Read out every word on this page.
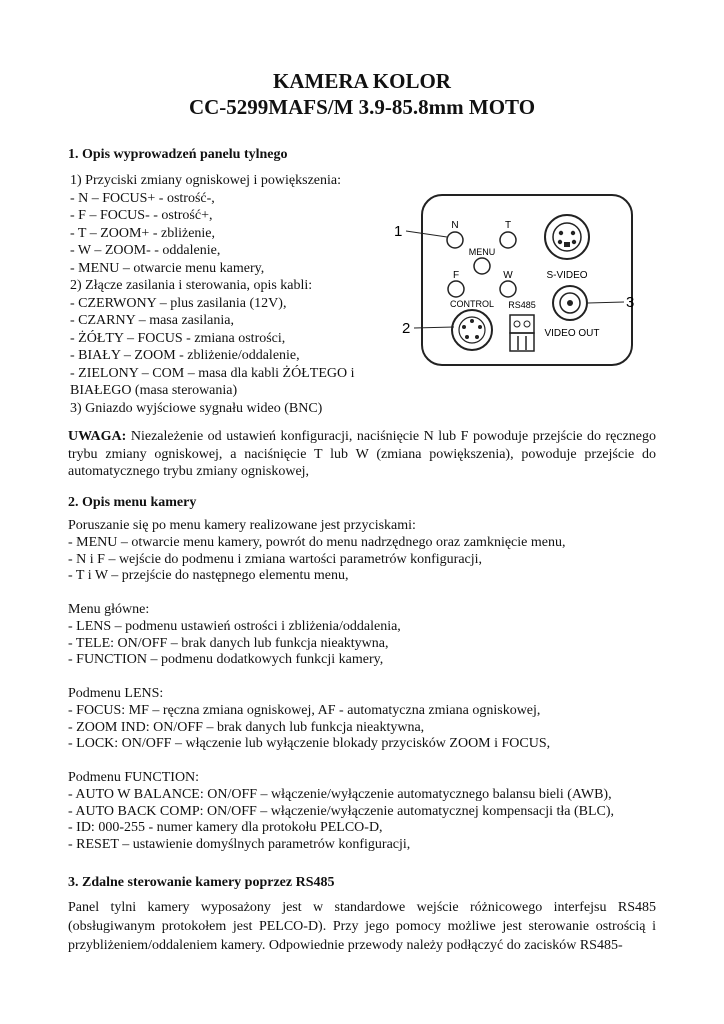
KAMERA KOLOR
CC-5299MAFS/M 3.9-85.8mm MOTO
1. Opis wyprowadzeń panelu tylnego
1) Przyciski zmiany ogniskowej i powiększenia:
- N – FOCUS+ - ostrość-,
- F – FOCUS- - ostrość+,
- T – ZOOM+ - zbliżenie,
- W – ZOOM- - oddalenie,
- MENU – otwarcie menu kamery,
2) Złącze zasilania i sterowania, opis kabli:
- CZERWONY – plus zasilania (12V),
- CZARNY – masa zasilania,
- ŻÓŁTY – FOCUS - zmiana ostrości,
- BIAŁY – ZOOM - zbliżenie/oddalenie,
- ZIELONY – COM – masa dla kabli ŻÓŁTEGO i
BIAŁEGO (masa sterowania)
3) Gniazdo wyjściowe sygnału wideo (BNC)
N	T
MENU
F	W	S-VIDEO
VIDEO OUT
CONTROL RS485
1
2
3
UWAGA: Niezależenie od ustawień konfiguracji, naciśnięcie N lub F powoduje przejście do ręcznego trybu zmiany ogniskowej, a naciśnięcie T lub W (zmiana powiększenia), powoduje przejście do automatycznego trybu zmiany ogniskowej,
2. Opis menu kamery
Poruszanie się po menu kamery realizowane jest przyciskami:
- MENU – otwarcie menu kamery, powrót do menu nadrzędnego oraz zamknięcie menu,
- N i F – wejście do podmenu i zmiana wartości parametrów konfiguracji,
- T i W – przejście do następnego elementu menu,
Menu główne:
- LENS – podmenu ustawień ostrości i zbliżenia/oddalenia,
- TELE: ON/OFF – brak danych lub funkcja nieaktywna,
- FUNCTION – podmenu dodatkowych funkcji kamery,
Podmenu LENS:
- FOCUS: MF – ręczna zmiana ogniskowej, AF - automatyczna zmiana ogniskowej,
- ZOOM IND: ON/OFF – brak danych lub funkcja nieaktywna,
- LOCK: ON/OFF – włączenie lub wyłączenie blokady przycisków ZOOM i FOCUS,
Podmenu FUNCTION:
- AUTO W BALANCE: ON/OFF – włączenie/wyłączenie automatycznego balansu bieli (AWB),
- AUTO BACK COMP: ON/OFF – włączenie/wyłączenie automatycznej kompensacji tła (BLC),
- ID: 000-255 - numer kamery dla protokołu PELCO-D,
- RESET – ustawienie domyślnych parametrów konfiguracji,
3. Zdalne sterowanie kamery poprzez RS485
Panel tylni kamery wyposażony jest w standardowe wejście różnicowego interfejsu RS485 (obsługiwanym protokołem jest PELCO-D). Przy jego pomocy możliwe jest sterowanie ostrością i przybliżeniem/oddaleniem kamery. Odpowiednie przewody należy podłączyć do zacisków RS485-
